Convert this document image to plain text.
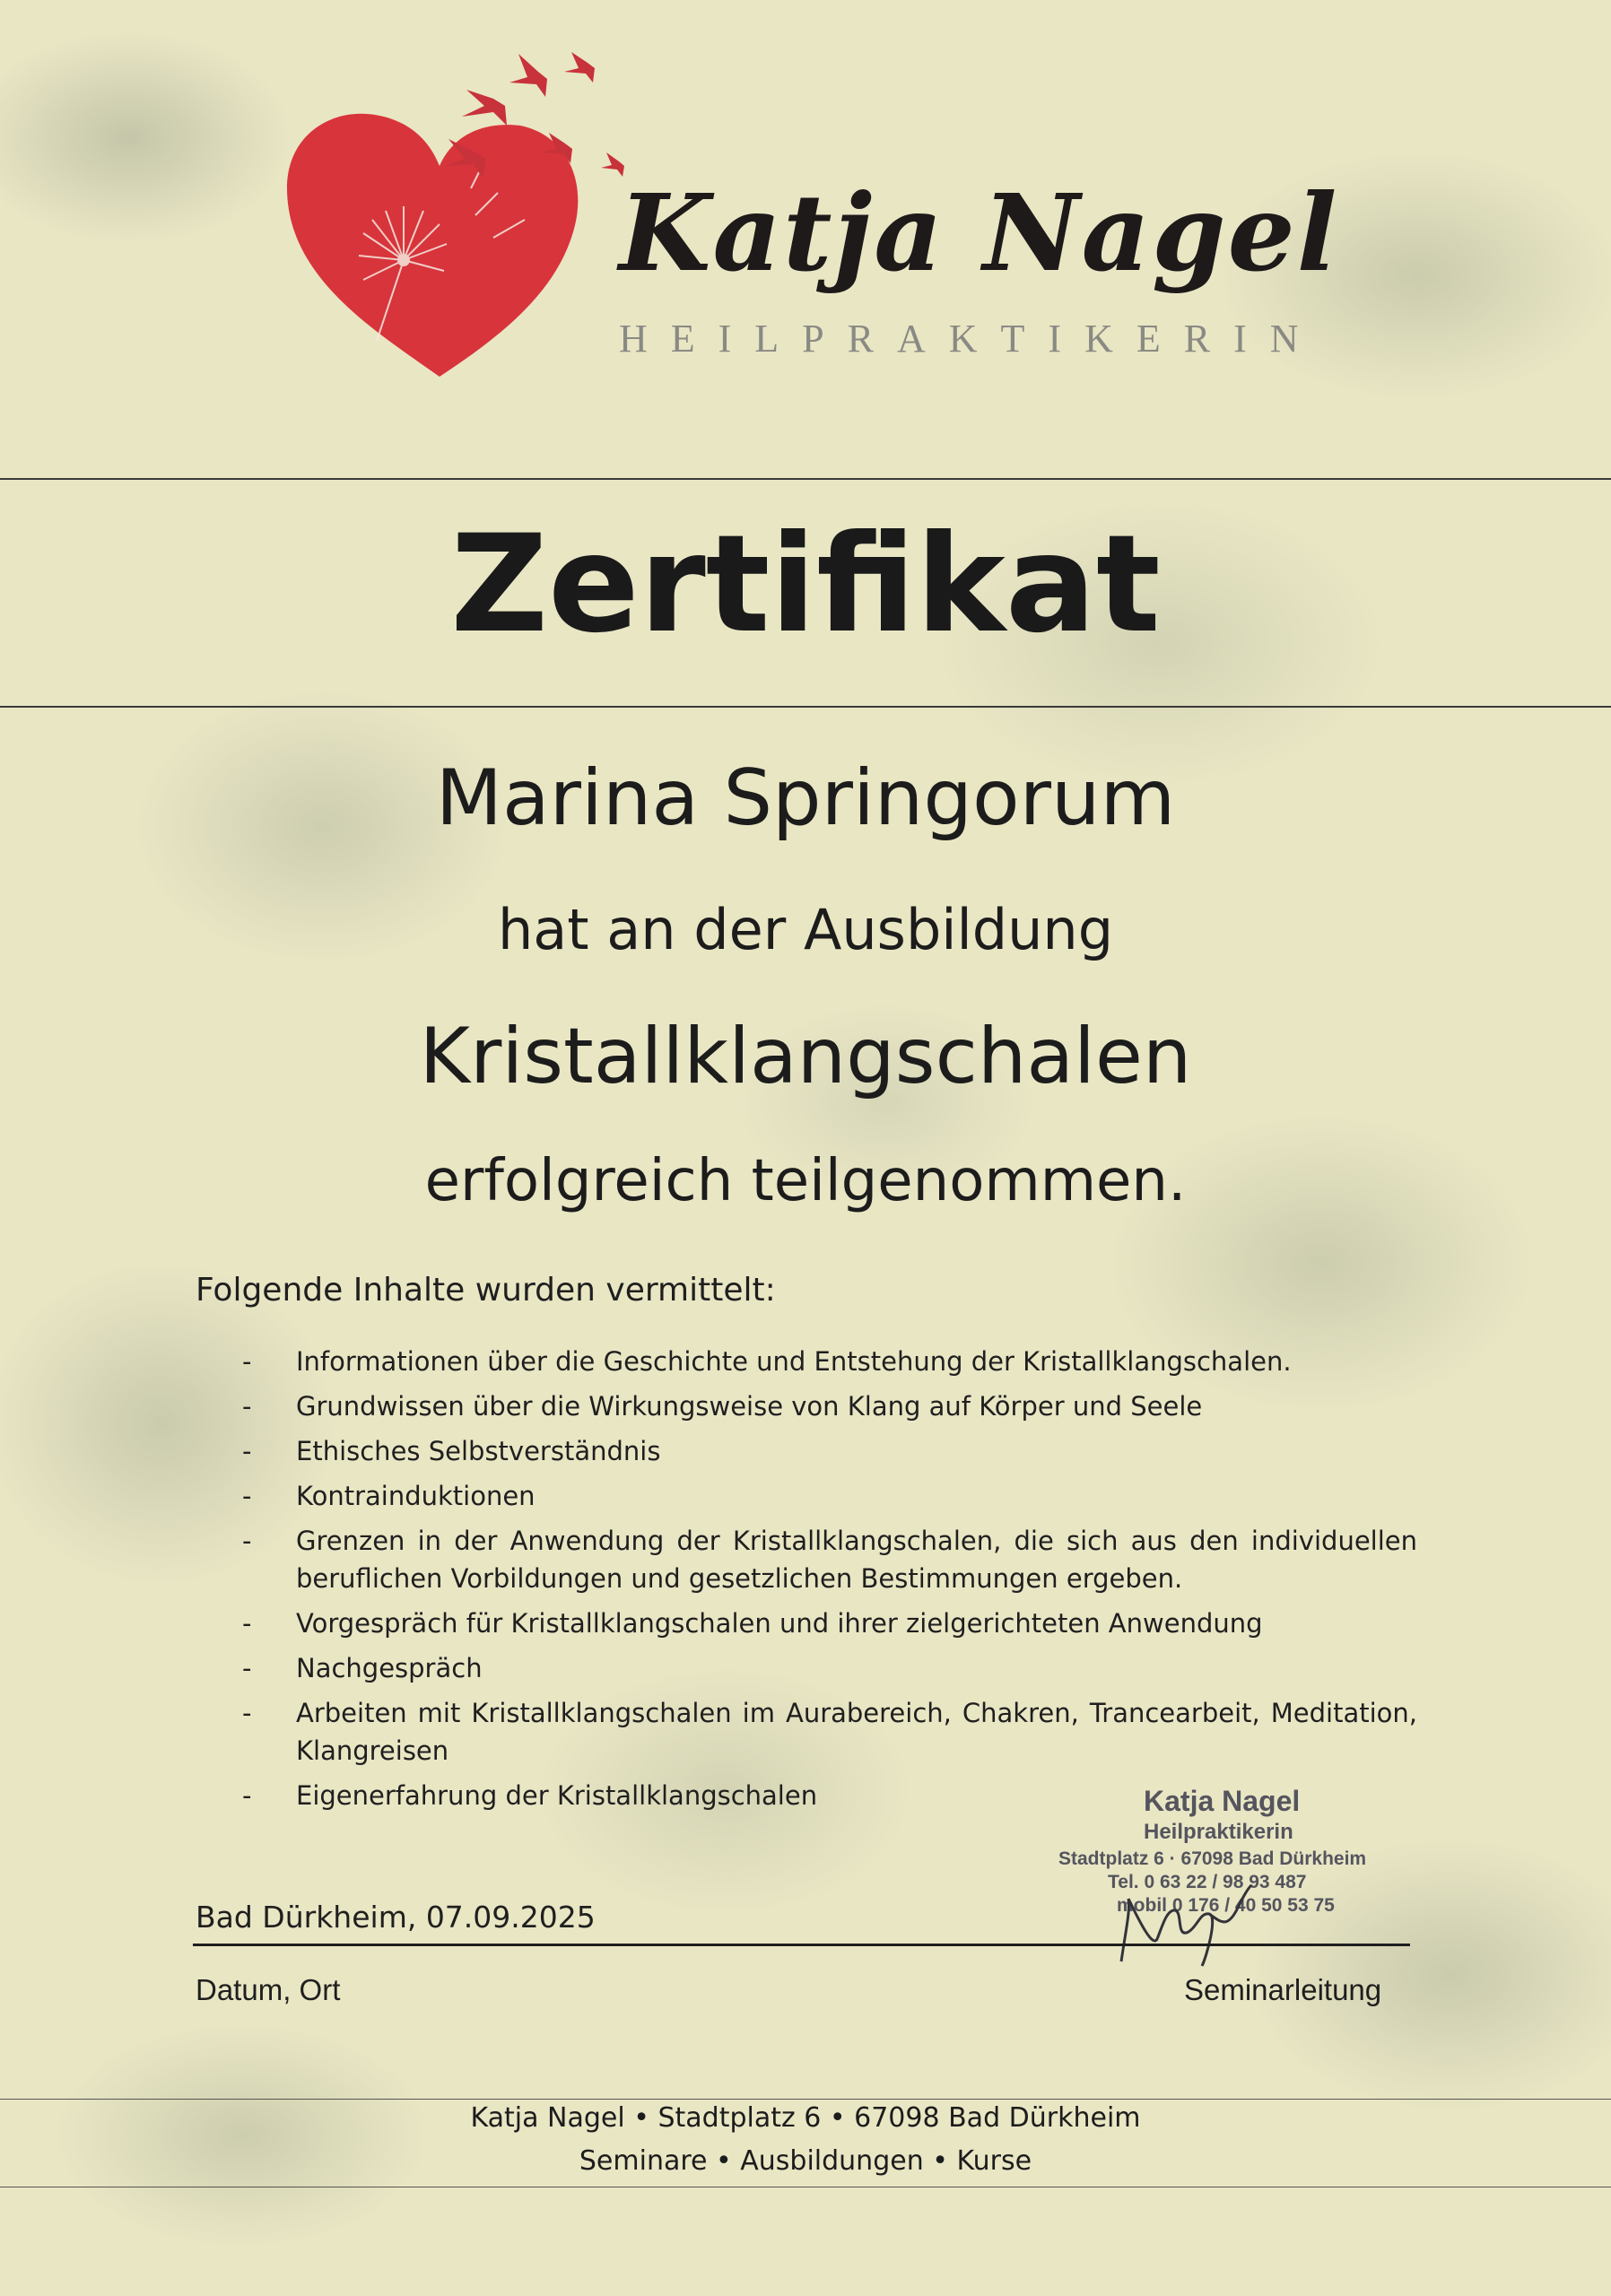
Katja Nagel
HEILPRAKTIKERIN
Zertifikat
Marina Springorum
hat an der Ausbildung
Kristallklangschalen
erfolgreich teilgenommen.
Folgende Inhalte wurden vermittelt:
- Informationen über die Geschichte und Entstehung der Kristallklangschalen.
- Grundwissen über die Wirkungsweise von Klang auf Körper und Seele
- Ethisches Selbstverständnis
- Kontrainduktionen
- Grenzen in der Anwendung der Kristallklangschalen, die sich aus den individuellen beruflichen Vorbildungen und gesetzlichen Bestimmungen ergeben.
- Vorgespräch für Kristallklangschalen und ihrer zielgerichteten Anwendung
- Nachgespräch
- Arbeiten mit Kristallklangschalen im Aurabereich, Chakren, Trancearbeit, Meditation, Klangreisen
- Eigenerfahrung der Kristallklangschalen	Katja Nagel
Heilpraktikerin
Stadtplatz 6 · 67098 Bad Dürkheim
Tel. 0 63 22 / 98 93 487
mobil 0 176 / 40 50 53 75
Bad Dürkheim, 07.09.2025
Datum, Ort	Seminarleitung
Katja Nagel • Stadtplatz 6 • 67098 Bad Dürkheim
Seminare • Ausbildungen • Kurse
